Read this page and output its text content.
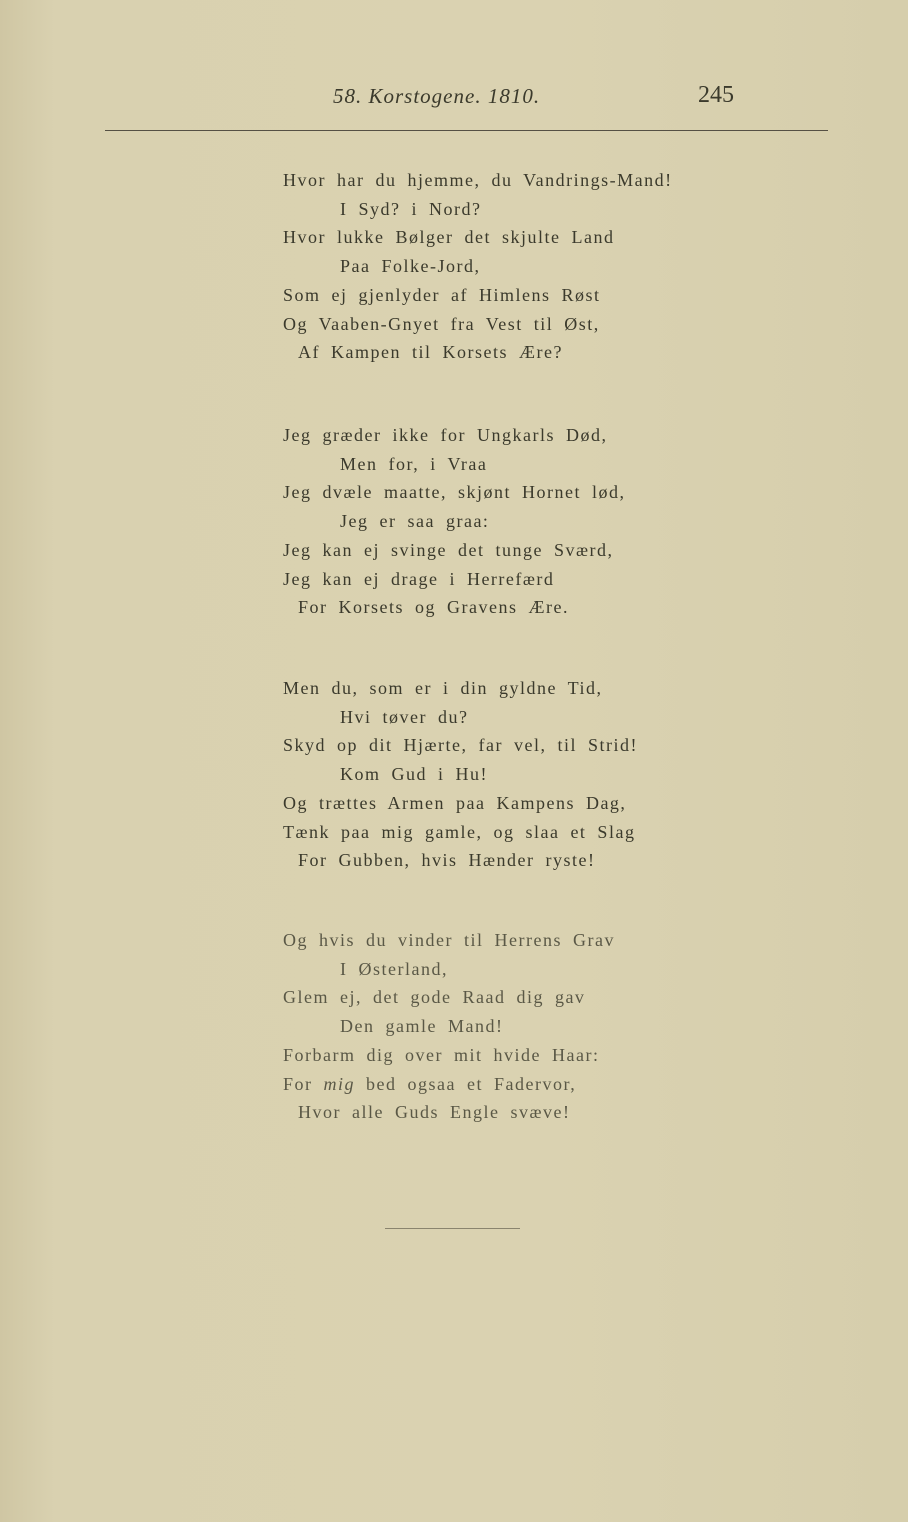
58. Korstogene. 1810.	245
Hvor har du hjemme, du Vandrings-Mand!
I Syd? i Nord?
Hvor lukke Bølger det skjulte Land
Paa Folke-Jord,
Som ej gjenlyder af Himlens Røst
Og Vaaben-Gnyet fra Vest til Øst,
Af Kampen til Korsets Ære?
Jeg græder ikke for Ungkarls Død,
Men for, i Vraa
Jeg dvæle maatte, skjønt Hornet lød,
Jeg er saa graa:
Jeg kan ej svinge det tunge Sværd,
Jeg kan ej drage i Herrefærd
For Korsets og Gravens Ære.
Men du, som er i din gyldne Tid,
Hvi tøver du?
Skyd op dit Hjærte, far vel, til Strid!
Kom Gud i Hu!
Og trættes Armen paa Kampens Dag,
Tænk paa mig gamle, og slaa et Slag
For Gubben, hvis Hænder ryste!
Og hvis du vinder til Herrens Grav
I Østerland,
Glem ej, det gode Raad dig gav
Den gamle Mand!
Forbarm dig over mit hvide Haar:
For mig bed ogsaa et Fadervor,
Hvor alle Guds Engle svæve!
